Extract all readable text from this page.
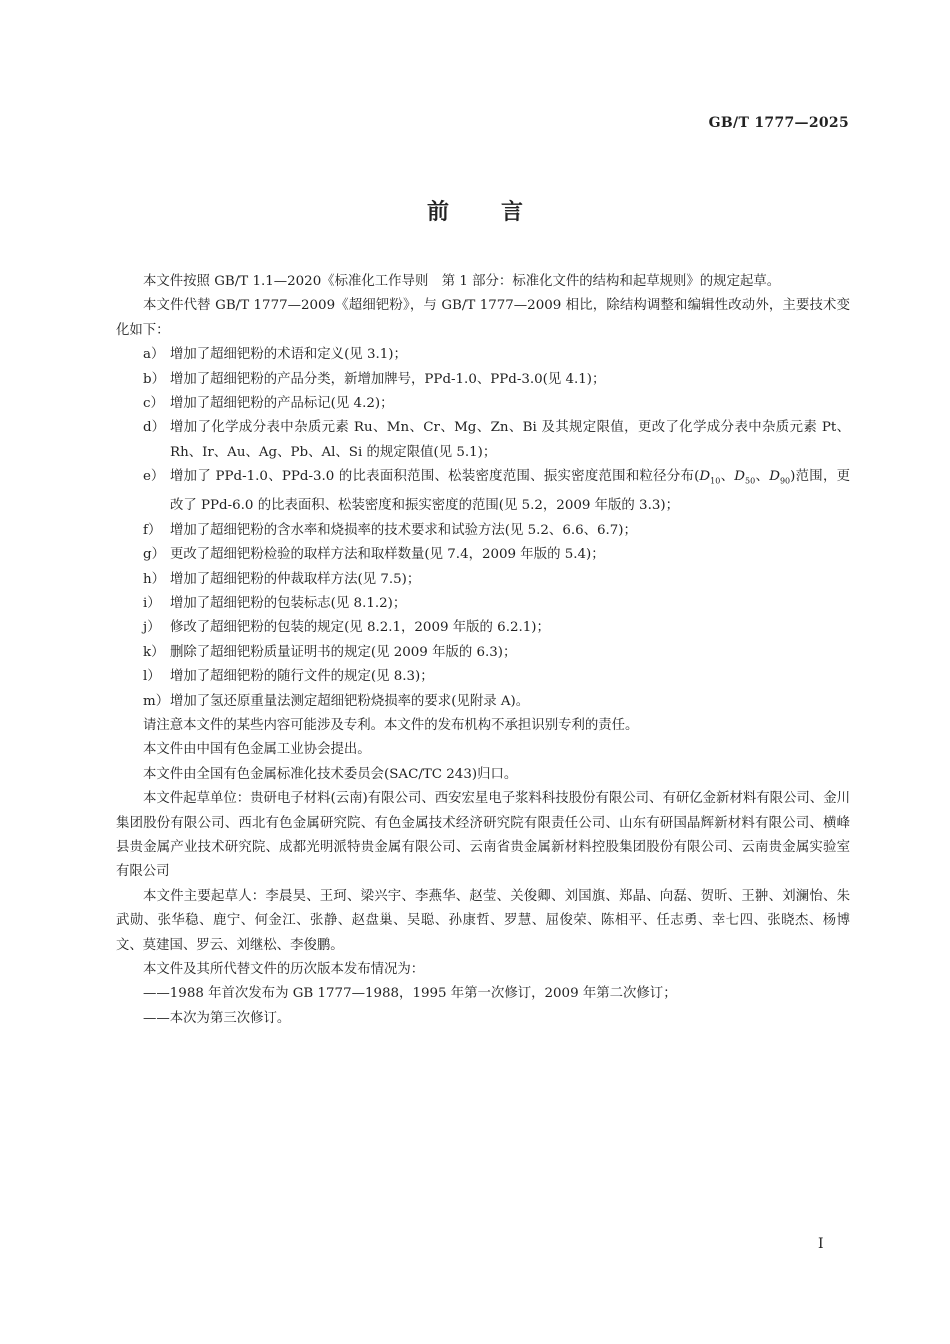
GB/T 1777—2025
前 言

本文件按照 GB/T 1.1—2020《标准化工作导则　第 1 部分：标准化文件的结构和起草规则》的规定起草。

本文件代替 GB/T 1777—2009《超细钯粉》，与 GB/T 1777—2009 相比，除结构调整和编辑性改动外，主要技术变化如下：

a） 增加了超细钯粉的术语和定义(见 3.1)；
b） 增加了超细钯粉的产品分类，新增加牌号，PPd-1.0、PPd-3.0(见 4.1)；
c） 增加了超细钯粉的产品标记(见 4.2)；
d） 增加了化学成分表中杂质元素 Ru、Mn、Cr、Mg、Zn、Bi 及其规定限值，更改了化学成分表中杂质元素 Pt、Rh、Ir、Au、Ag、Pb、Al、Si 的规定限值(见 5.1)；
e） 增加了 PPd-1.0、PPd-3.0 的比表面积范围、松装密度范围、振实密度范围和粒径分布($D_{10}$、$D_{50}$、$D_{90}$)范围，更改了 PPd-6.0 的比表面积、松装密度和振实密度的范围(见 5.2，2009 年版的 3.3)；
f） 增加了超细钯粉的含水率和烧损率的技术要求和试验方法(见 5.2、6.6、6.7)；
g） 更改了超细钯粉检验的取样方法和取样数量(见 7.4，2009 年版的 5.4)；
h） 增加了超细钯粉的仲裁取样方法(见 7.5)；
i） 增加了超细钯粉的包装标志(见 8.1.2)；
j） 修改了超细钯粉的包装的规定(见 8.2.1，2009 年版的 6.2.1)；
k） 删除了超细钯粉质量证明书的规定(见 2009 年版的 6.3)；
l） 增加了超细钯粉的随行文件的规定(见 8.3)；
m） 增加了氢还原重量法测定超细钯粉烧损率的要求(见附录 A)。

请注意本文件的某些内容可能涉及专利。本文件的发布机构不承担识别专利的责任。

本文件由中国有色金属工业协会提出。

本文件由全国有色金属标准化技术委员会(SAC/TC 243)归口。

本文件起草单位：贵研电子材料(云南)有限公司、西安宏星电子浆料科技股份有限公司、有研亿金新材料有限公司、金川集团股份有限公司、西北有色金属研究院、有色金属技术经济研究院有限责任公司、山东有研国晶辉新材料有限公司、横峰县贵金属产业技术研究院、成都光明派特贵金属有限公司、云南省贵金属新材料控股集团股份有限公司、云南贵金属实验室有限公司

本文件主要起草人：李晨昊、王珂、梁兴宇、李燕华、赵莹、关俊卿、刘国旗、郑晶、向磊、贺昕、王翀、刘澜怡、朱武勋、张华稳、鹿宁、何金江、张静、赵盘巢、吴聪、孙康哲、罗慧、屈俊荣、陈相平、任志勇、幸七四、张晓杰、杨博文、莫建国、罗云、刘继松、李俊鹏。

本文件及其所代替文件的历次版本发布情况为：

——1988 年首次发布为 GB 1777—1988，1995 年第一次修订，2009 年第二次修订；

——本次为第三次修订。

I
